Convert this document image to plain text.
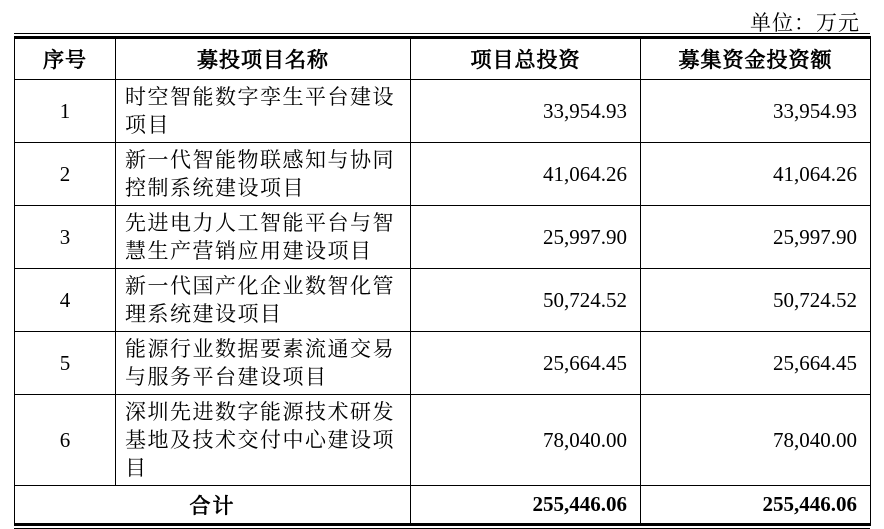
单位：万元
序号	募投项目名称	项目总投资	募集资金投资额
1	时空智能数字孪生平台建设项目	33,954.93	33,954.93
2	新一代智能物联感知与协同控制系统建设项目	41,064.26	41,064.26
3	先进电力人工智能平台与智慧生产营销应用建设项目	25,997.90	25,997.90
4	新一代国产化企业数智化管理系统建设项目	50,724.52	50,724.52
5	能源行业数据要素流通交易与服务平台建设项目	25,664.45	25,664.45
6	深圳先进数字能源技术研发基地及技术交付中心建设项目	78,040.00	78,040.00
合计		255,446.06	255,446.06
